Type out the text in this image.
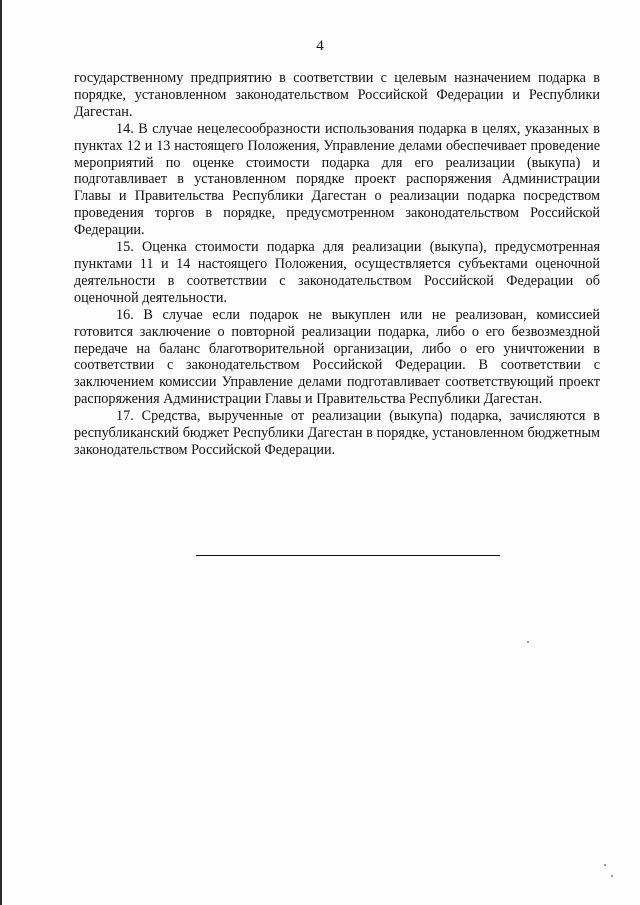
4

государственному предприятию в соответствии с целевым назначением подарка в порядке, установленном законодательством Российской Федерации и Республики Дагестан.

14. В случае нецелесообразности использования подарка в целях, указанных в пунктах 12 и 13 настоящего Положения, Управление делами обеспечивает проведение мероприятий по оценке стоимости подарка для его реализации (выкупа) и подготавливает в установленном порядке проект распоряжения Администрации Главы и Правительства Республики Дагестан о реализации подарка посредством проведения торгов в порядке, предусмотренном законодательством Российской Федерации.

15. Оценка стоимости подарка для реализации (выкупа), предусмотренная пунктами 11 и 14 настоящего Положения, осуществляется субъектами оценочной деятельности в соответствии с законодательством Российской Федерации об оценочной деятельности.

16. В случае если подарок не выкуплен или не реализован, комиссией готовится заключение о повторной реализации подарка, либо о его безвозмездной передаче на баланс благотворительной организации, либо о его уничтожении в соответствии с законодательством Российской Федерации. В соответствии с заключением комиссии Управление делами подготавливает соответствующий проект распоряжения Администрации Главы и Правительства Республики Дагестан.

17. Средства, вырученные от реализации (выкупа) подарка, зачисляются в республиканский бюджет Республики Дагестан в порядке, установленном бюджетным законодательством Российской Федерации.
